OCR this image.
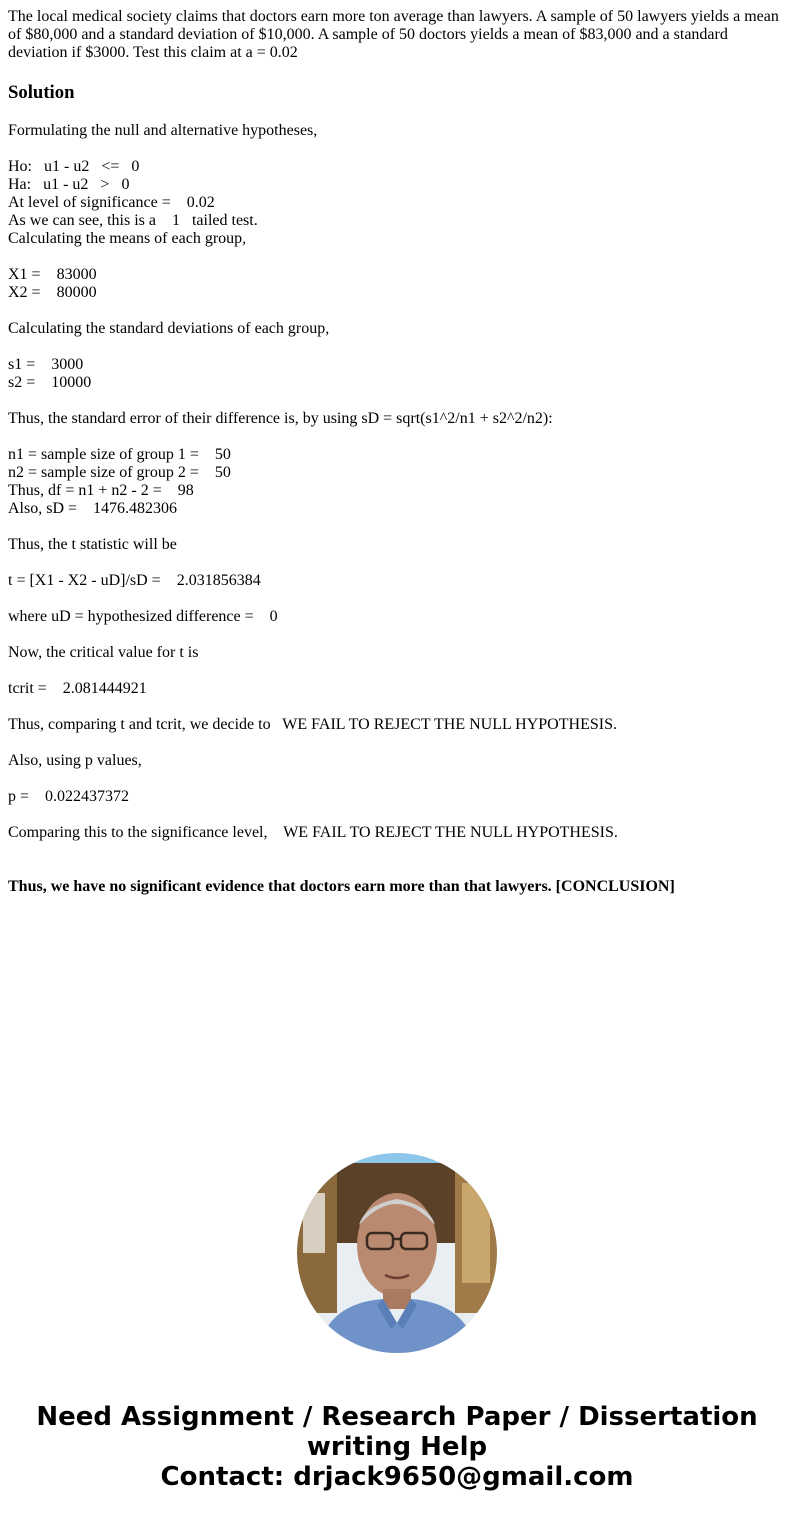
The local medical society claims that doctors earn more ton average than lawyers. A sample of 50 lawyers yields a mean of $80,000 and a standard deviation of $10,000. A sample of 50 doctors yields a mean of $83,000 and a standard deviation if $3000. Test this claim at a = 0.02

Solution
Formulating the null and alternative hypotheses,
Ho:   u1 - u2   <=   0
Ha:   u1 - u2   >   0
At level of significance =    0.02
As we can see, this is a    1   tailed test.
Calculating the means of each group,
X1 =    83000
X2 =    80000
Calculating the standard deviations of each group,
s1 =    3000
s2 =    10000
Thus, the standard error of their difference is, by using sD = sqrt(s1^2/n1 + s2^2/n2):
n1 = sample size of group 1 =    50
n2 = sample size of group 2 =    50
Thus, df = n1 + n2 - 2 =    98
Also, sD =    1476.482306
Thus, the t statistic will be
t = [X1 - X2 - uD]/sD =    2.031856384
where uD = hypothesized difference =    0
Now, the critical value for t is
tcrit =    2.081444921
Thus, comparing t and tcrit, we decide to   WE FAIL TO REJECT THE NULL HYPOTHESIS.
Also, using p values,
p =    0.022437372
Comparing this to the significance level,    WE FAIL TO REJECT THE NULL HYPOTHESIS.
Thus, we have no significant evidence that doctors earn more than that lawyers. [CONCLUSION]
Need Assignment / Research Paper / Dissertation
writing Help
Contact: drjack9650@gmail.com
